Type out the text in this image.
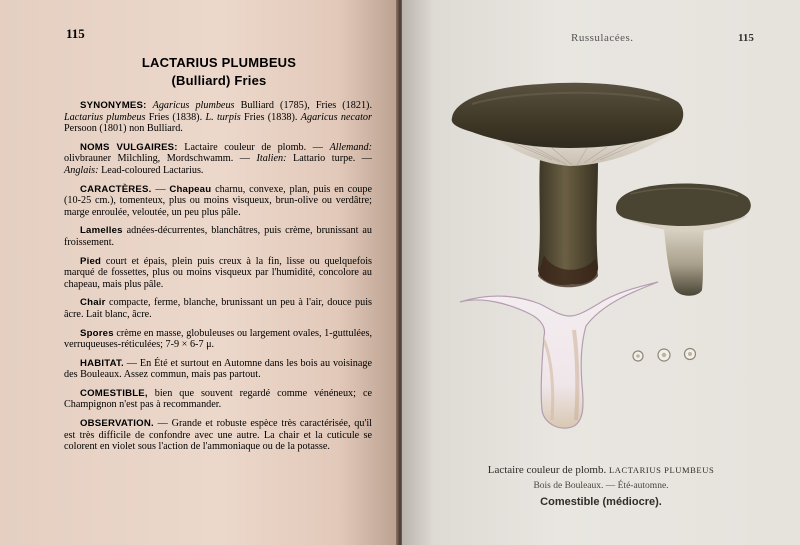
115
LACTARIUS PLUMBEUS
(Bulliard) Fries

SYNONYMES: Agaricus plumbeus Bulliard (1785), Fries (1821). Lactarius plumbeus Fries (1838). L. turpis Fries (1838). Agaricus necator Persoon (1801) non Bulliard.

NOMS VULGAIRES: Lactaire couleur de plomb. — Allemand: olivbrauner Milchling, Mordschwamm. — Italien: Lattario turpe. — Anglais: Lead-coloured Lactarius.

CARACTÈRES. — Chapeau charnu, convexe, plan, puis en coupe (10-25 cm.), tomenteux, plus ou moins visqueux, brun-olive ou verdâtre; marge enroulée, veloutée, un peu plus pâle.

Lamelles adnées-décurrentes, blanchâtres, puis crème, brunissant au froissement.

Pied court et épais, plein puis creux à la fin, lisse ou quelquefois marqué de fossettes, plus ou moins visqueux par l'humidité, concolore au chapeau, mais plus pâle.

Chair compacte, ferme, blanche, brunissant un peu à l'air, douce puis âcre. Lait blanc, âcre.

Spores crème en masse, globuleuses ou largement ovales, 1-guttulées, verruqueuses-réticulées; 7-9 × 6-7 μ.

HABITAT. — En Été et surtout en Automne dans les bois au voisinage des Bouleaux. Assez commun, mais pas partout.

COMESTIBLE, bien que souvent regardé comme vénéneux; ce Champignon n'est pas à recommander.

OBSERVATION. — Grande et robuste espèce très caractérisée, qu'il est très difficile de confondre avec une autre. La chair et la cuticule se colorent en violet sous l'action de l'ammoniaque ou de la potasse.

Russulacées.	115
Lactaire couleur de plomb. LACTARIUS PLUMBEUS
Bois de Bouleaux. — Été-automne.
Comestible (médiocre).
